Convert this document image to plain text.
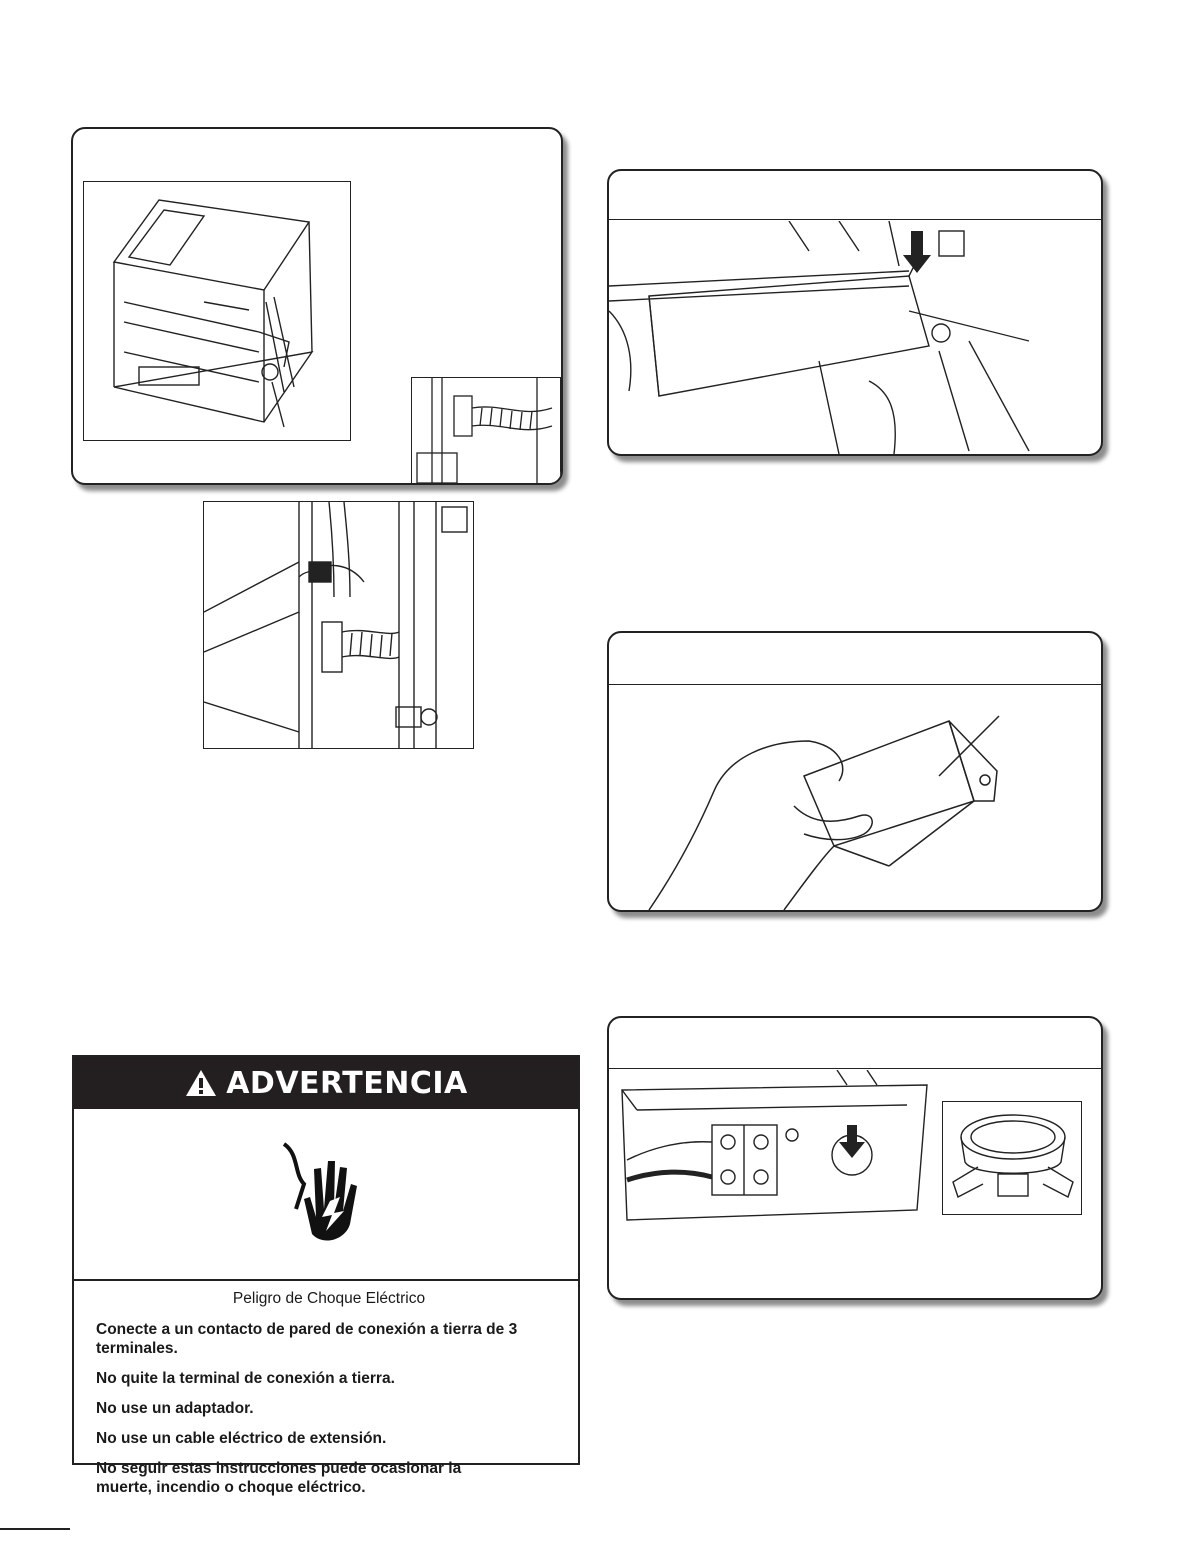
ADVERTENCIA
Peligro de Choque Eléctrico
Conecte a un contacto de pared de conexión a tierra de 3 terminales.
No quite la terminal de conexión a tierra.
No use un adaptador.
No use un cable eléctrico de extensión.
No seguir estas instrucciones puede ocasionar la muerte, incendio o choque eléctrico.
